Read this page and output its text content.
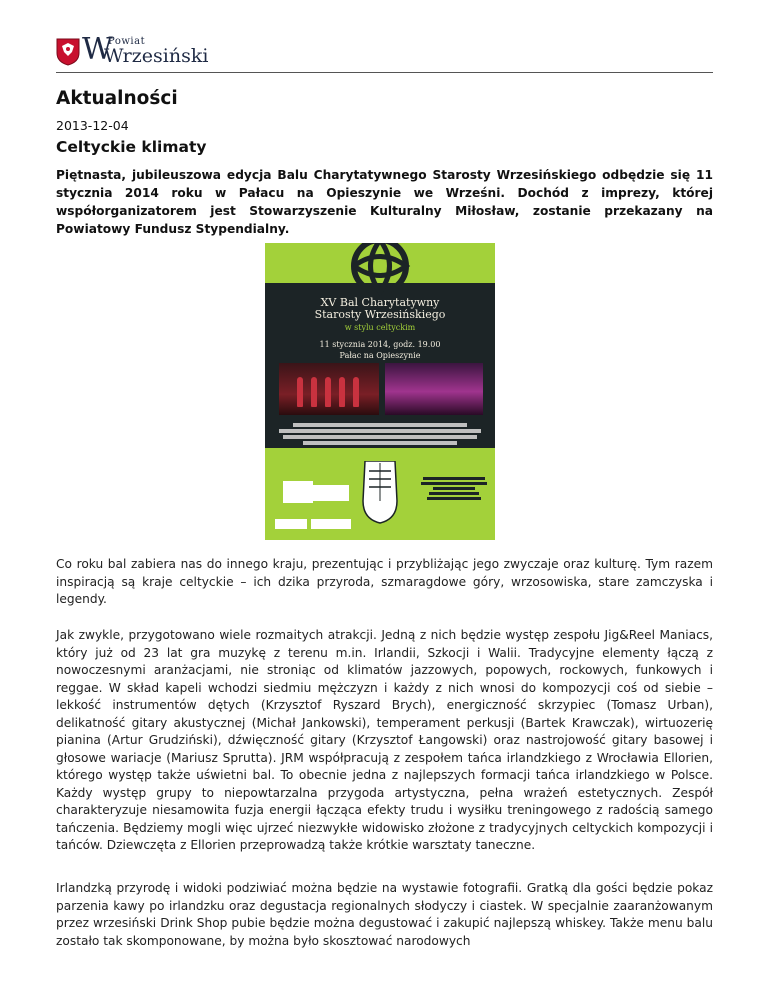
W
Powiat
Wrzesiński
Aktualności
2013-12-04
Celtyckie klimaty

Piętnasta, jubileuszowa edycja Balu Charytatywnego Starosty Wrzesińskiego odbędzie się 11 stycznia 2014 roku w Pałacu na Opieszynie we Wrześni. Dochód z imprezy, której współorganizatorem jest Stowarzyszenie Kulturalny Miłosław, zostanie przekazany na Powiatowy Fundusz Stypendialny.

XV Bal Charytatywny
Starosty Wrzesińskiego
w stylu celtyckim
11 stycznia 2014, godz. 19.00
Pałac na Opieszynie

Co roku bal zabiera nas do innego kraju, prezentując i przybliżając jego zwyczaje oraz kulturę. Tym razem inspiracją są kraje celtyckie – ich dzika przyroda, szmaragdowe góry, wrzosowiska, stare zamczyska i legendy.

Jak zwykle, przygotowano wiele rozmaitych atrakcji. Jedną z nich będzie występ zespołu Jig&Reel Maniacs, który już od 23 lat gra muzykę z terenu m.in. Irlandii, Szkocji i Walii. Tradycyjne elementy łączą z nowoczesnymi aranżacjami, nie stroniąc od klimatów jazzowych, popowych, rockowych, funkowych i reggae. W skład kapeli wchodzi siedmiu mężczyzn i każdy z nich wnosi do kompozycji coś od siebie – lekkość instrumentów dętych (Krzysztof Ryszard Brych), energiczność skrzypiec (Tomasz Urban), delikatność gitary akustycznej (Michał Jankowski), temperament perkusji (Bartek Krawczak), wirtuozerię pianina (Artur Grudziński), dźwięczność gitary (Krzysztof Łangowski) oraz nastrojowość gitary basowej i głosowe wariacje (Mariusz Sprutta). JRM współpracują z zespołem tańca irlandzkiego z Wrocławia Ellorien, którego występ także uświetni bal. To obecnie jedna z najlepszych formacji tańca irlandzkiego w Polsce. Każdy występ grupy to niepowtarzalna przygoda artystyczna, pełna wrażeń estetycznych. Zespół charakteryzuje niesamowita fuzja energii łącząca efekty trudu i wysiłku treningowego z radością samego tańczenia. Będziemy mogli więc ujrzeć niezwykłe widowisko złożone z tradycyjnych celtyckich kompozycji i tańców. Dziewczęta z Ellorien przeprowadzą także krótkie warsztaty taneczne.

Irlandzką przyrodę i widoki podziwiać można będzie na wystawie fotografii. Gratką dla gości będzie pokaz parzenia kawy po irlandzku oraz degustacja regionalnych słodyczy i ciastek. W specjalnie zaaranżowanym przez wrzesiński Drink Shop pubie będzie można degustować i zakupić najlepszą whiskey. Także menu balu zostało tak skomponowane, by można było skosztować narodowych
